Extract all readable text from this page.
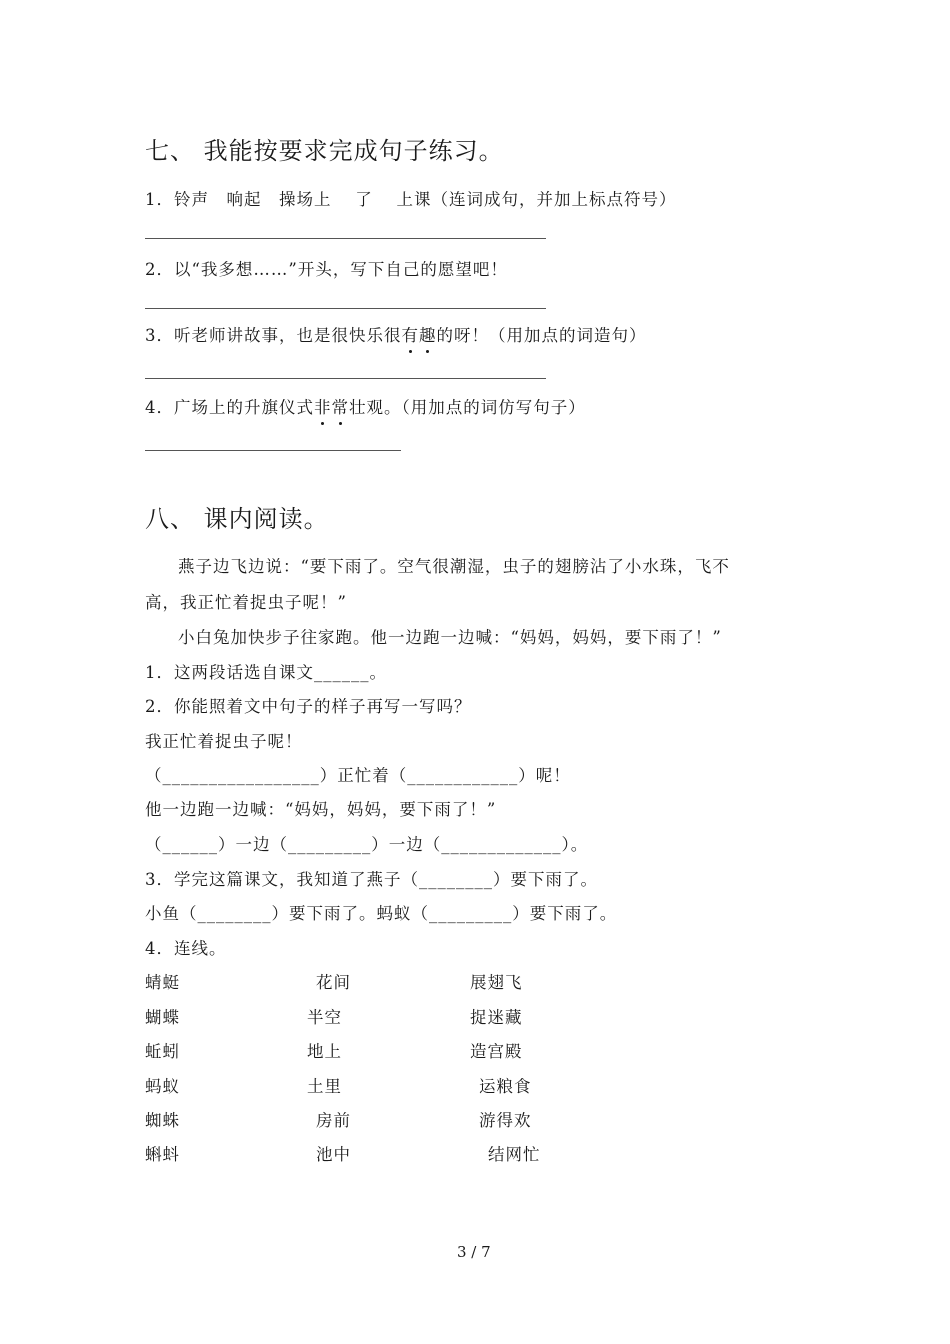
七、 我能按要求完成句子练习。
1．铃声　响起　操场上　 了　 上课（连词成句，并加上标点符号）
2．以“我多想……”开头，写下自己的愿望吧！
3．听老师讲故事，也是很快乐很有趣的呀！（用加点的词造句）
4．广场上的升旗仪式非常壮观。（用加点的词仿写句子）
八、 课内阅读。
燕子边飞边说：“要下雨了。空气很潮湿，虫子的翅膀沾了小水珠，飞不
高，我正忙着捉虫子呢！”
小白兔加快步子往家跑。他一边跑一边喊：“妈妈，妈妈，要下雨了！”
1．这两段话选自课文______。
2．你能照着文中句子的样子再写一写吗？
我正忙着捉虫子呢！
（_________________）正忙着（____________）呢！
他一边跑一边喊：“妈妈，妈妈，要下雨了！”
（______）一边（_________）一边（_____________）。
3．学完这篇课文，我知道了燕子（________）要下雨了。
小鱼（________）要下雨了。蚂蚁（_________）要下雨了。
4．连线。
蜻蜓	花间	展翅飞
蝴蝶	半空	捉迷藏
蚯蚓	地上	造宫殿
蚂蚁	土里	运粮食
蜘蛛	房前	游得欢
蝌蚪	池中	结网忙
3 / 7
